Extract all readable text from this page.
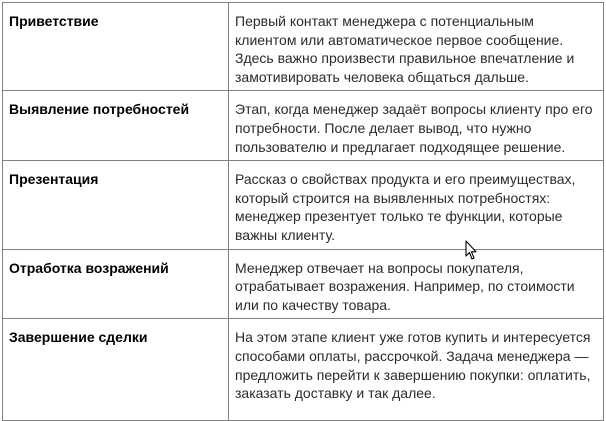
Приветствие	Первый контакт менеджера с потенциальным клиентом или автоматическое первое сообщение. Здесь важно произвести правильное впечатление и замотивировать человека общаться дальше.
Выявление потребностей	Этап, когда менеджер задаёт вопросы клиенту про его потребности. После делает вывод, что нужно пользователю и предлагает подходящее решение.
Презентация	Рассказ о свойствах продукта и его преимуществах, который строится на выявленных потребностях: менеджер презентует только те функции, которые важны клиенту.
Отработка возражений	Менеджер отвечает на вопросы покупателя, отрабатывает возражения. Например, по стоимости или по качеству товара.
Завершение сделки	На этом этапе клиент уже готов купить и интересуется способами оплаты, рассрочкой. Задача менеджера — предложить перейти к завершению покупки: оплатить, заказать доставку и так далее.
